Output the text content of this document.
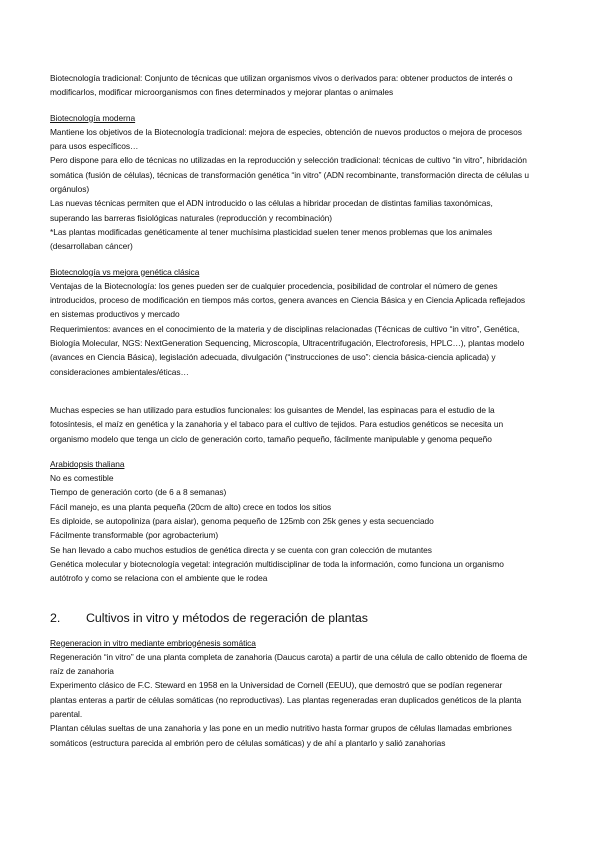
Biotecnología tradicional: Conjunto de técnicas que utilizan organismos vivos o derivados para: obtener productos de interés o modificarlos, modificar microorganismos con fines determinados y mejorar plantas o animales

Biotecnología moderna

Mantiene los objetivos de la Biotecnología tradicional: mejora de especies, obtención de nuevos productos o mejora de procesos para usos específicos…

Pero dispone para ello de técnicas no utilizadas en la reproducción y selección tradicional: técnicas de cultivo “in vitro”, hibridación somática (fusión de células), técnicas de transformación genética “in vitro” (ADN recombinante, transformación directa de células u orgánulos)

Las nuevas técnicas permiten que el ADN introducido o las células a hibridar procedan de distintas familias taxonómicas, superando las barreras fisiológicas naturales (reproducción y recombinación)

*Las plantas modificadas genéticamente al tener muchísima plasticidad suelen tener menos problemas que los animales (desarrollaban cáncer)

Biotecnología vs mejora genética clásica

Ventajas de la Biotecnología: los genes pueden ser de cualquier procedencia, posibilidad de controlar el número de genes introducidos, proceso de modificación en tiempos más cortos, genera avances en Ciencia Básica y en Ciencia Aplicada reflejados en sistemas productivos y mercado

Requerimientos: avances en el conocimiento de la materia y de disciplinas relacionadas (Técnicas de cultivo “in vitro”, Genética, Biología Molecular, NGS: NextGeneration Sequencing, Microscopía, Ultracentrifugación, Electroforesis, HPLC…), plantas modelo (avances en Ciencia Básica), legislación adecuada, divulgación (“instrucciones de uso”: ciencia básica-ciencia aplicada) y consideraciones ambientales/éticas…

Muchas especies se han utilizado para estudios funcionales: los guisantes de Mendel, las espinacas para el estudio de la fotosíntesis, el maíz en genética y la zanahoria y el tabaco para el cultivo de tejidos. Para estudios genéticos se necesita un organismo modelo que tenga un ciclo de generación corto, tamaño pequeño, fácilmente manipulable y genoma pequeño

Arabidopsis thaliana

No es comestible

Tiempo de generación corto (de 6 a 8 semanas)

Fácil manejo, es una planta pequeña (20cm de alto) crece en todos los sitios

Es diploide, se autopoliniza (para aislar), genoma pequeño de 125mb con 25k genes y esta secuenciado

Fácilmente transformable (por agrobacterium)

Se han llevado a cabo muchos estudios de genética directa y se cuenta con gran colección de mutantes

Genética molecular y biotecnología vegetal: integración multidisciplinar de toda la información, como funciona un organismo autótrofo y como se relaciona con el ambiente que le rodea

2.	Cultivos in vitro y métodos de regeración de plantas

Regeneracion in vitro mediante embriogénesis somática

Regeneración “in vitro” de una planta completa de zanahoria (Daucus carota) a partir de una célula de callo obtenido de floema de raíz de zanahoria

Experimento clásico de F.C. Steward en 1958 en la Universidad de Cornell (EEUU), que demostró que se podían regenerar plantas enteras a partir de células somáticas (no reproductivas). Las plantas regeneradas eran duplicados genéticos de la planta parental.

Plantan células sueltas de una zanahoria y las pone en un medio nutritivo hasta formar grupos de células llamadas embriones somáticos (estructura parecida al embrión pero de células somáticas) y de ahí a plantarlo y salió zanahorias
